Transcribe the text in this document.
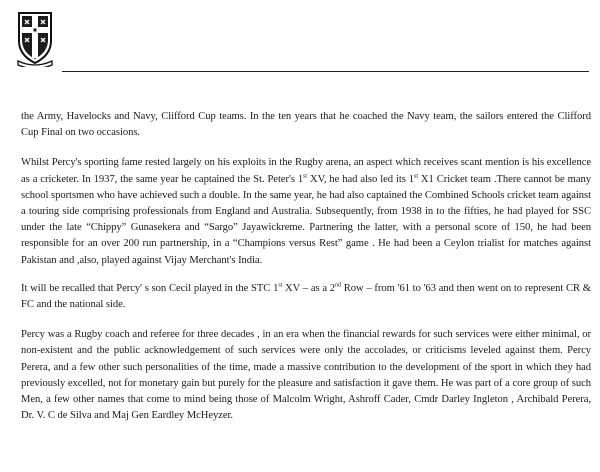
the Army, Havelocks and Navy, Clifford Cup teams. In the ten years that he coached the Navy team, the sailors entered the Clifford Cup Final on two occasions.

Whilst Percy's sporting fame rested largely on his exploits in the Rugby arena, an aspect which receives scant mention is his excellence as a cricketer. In 1937, the same year he captained the St. Peter's 1st XV, he had also led its 1st X1 Cricket team .There cannot be many school sportsmen who have achieved such a double. In the same year, he had also captained the Combined Schools cricket team against a touring side comprising professionals from England and Australia. Subsequently, from 1938 in to the fifties, he had played for SSC under the late “Chippy” Gunasekera and “Sargo” Jayawickreme. Partnering the latter, with a personal score of 150, he had been responsible for an over 200 run partnership, in a “Champions versus Rest” game . He had been a Ceylon trialist for matches against Pakistan and ,also, played against Vijay Merchant's India.

It will be recalled that Percy' s son Cecil played in the STC 1st XV – as a 2nd Row – from '61 to '63 and then went on to represent CR & FC and the national side.

Percy was a Rugby coach and referee for three decades , in an era when the financial rewards for such services were either minimal, or non-existent and the public acknowledgement of such services were only the accolades, or criticisms leveled against them. Percy Perera, and a few other such personalities of the time, made a massive contribution to the development of the sport in which they had previously excelled, not for monetary gain but purely for the pleasure and satisfaction it gave them. He was part of a core group of such Men, a few other names that come to mind being those of Malcolm Wright, Ashroff Cader, Cmdr Darley Ingleton , Archibald Perera, Dr. V. C de Silva and Maj Gen Eardley McHeyzer.
